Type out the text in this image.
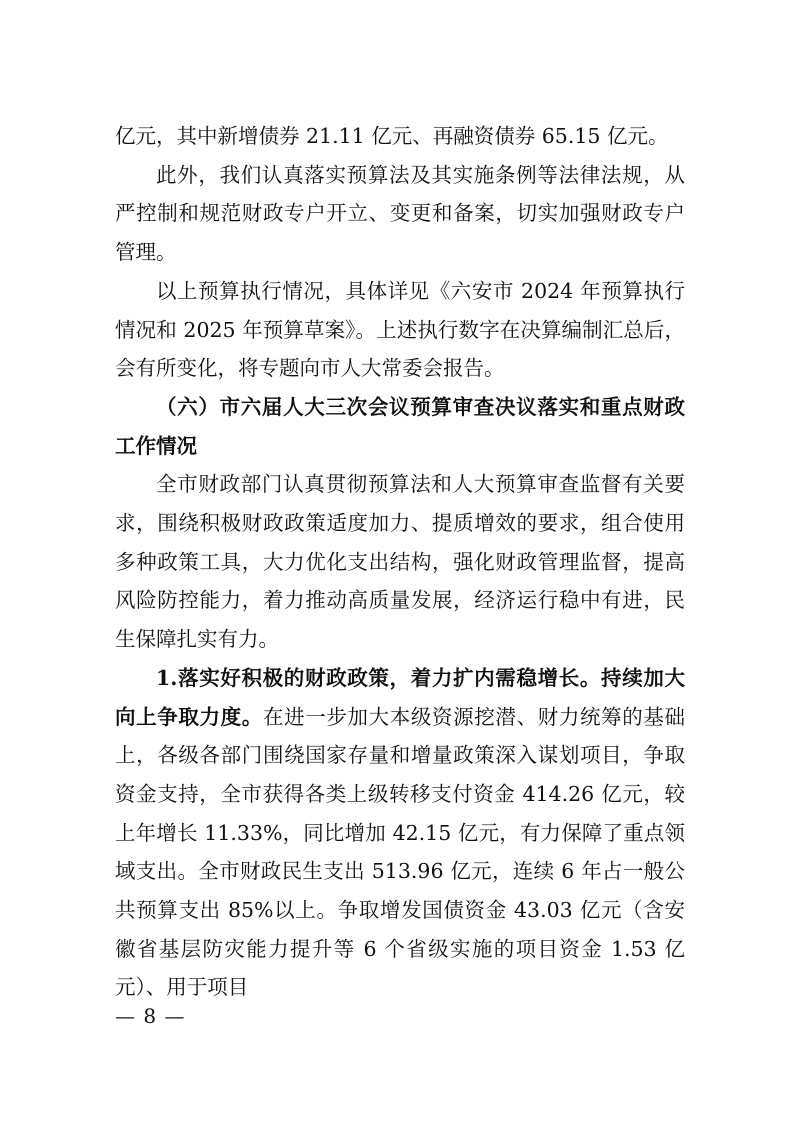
亿元，其中新增债券 21.11 亿元、再融资债券 65.15 亿元。

此外，我们认真落实预算法及其实施条例等法律法规，从严控制和规范财政专户开立、变更和备案，切实加强财政专户管理。

以上预算执行情况，具体详见《六安市 2024 年预算执行情况和 2025 年预算草案》。上述执行数字在决算编制汇总后，会有所变化，将专题向市人大常委会报告。

（六）市六届人大三次会议预算审查决议落实和重点财政工作情况

全市财政部门认真贯彻预算法和人大预算审查监督有关要求，围绕积极财政政策适度加力、提质增效的要求，组合使用多种政策工具，大力优化支出结构，强化财政管理监督，提高风险防控能力，着力推动高质量发展，经济运行稳中有进，民生保障扎实有力。

1.落实好积极的财政政策，着力扩内需稳增长。持续加大向上争取力度。在进一步加大本级资源挖潜、财力统筹的基础上，各级各部门围绕国家存量和增量政策深入谋划项目，争取资金支持，全市获得各类上级转移支付资金 414.26 亿元，较上年增长 11.33%，同比增加 42.15 亿元，有力保障了重点领域支出。全市财政民生支出 513.96 亿元，连续 6 年占一般公共预算支出 85%以上。争取增发国债资金 43.03 亿元（含安徽省基层防灾能力提升等 6 个省级实施的项目资金 1.53 亿元）、用于项目

— 8 —
